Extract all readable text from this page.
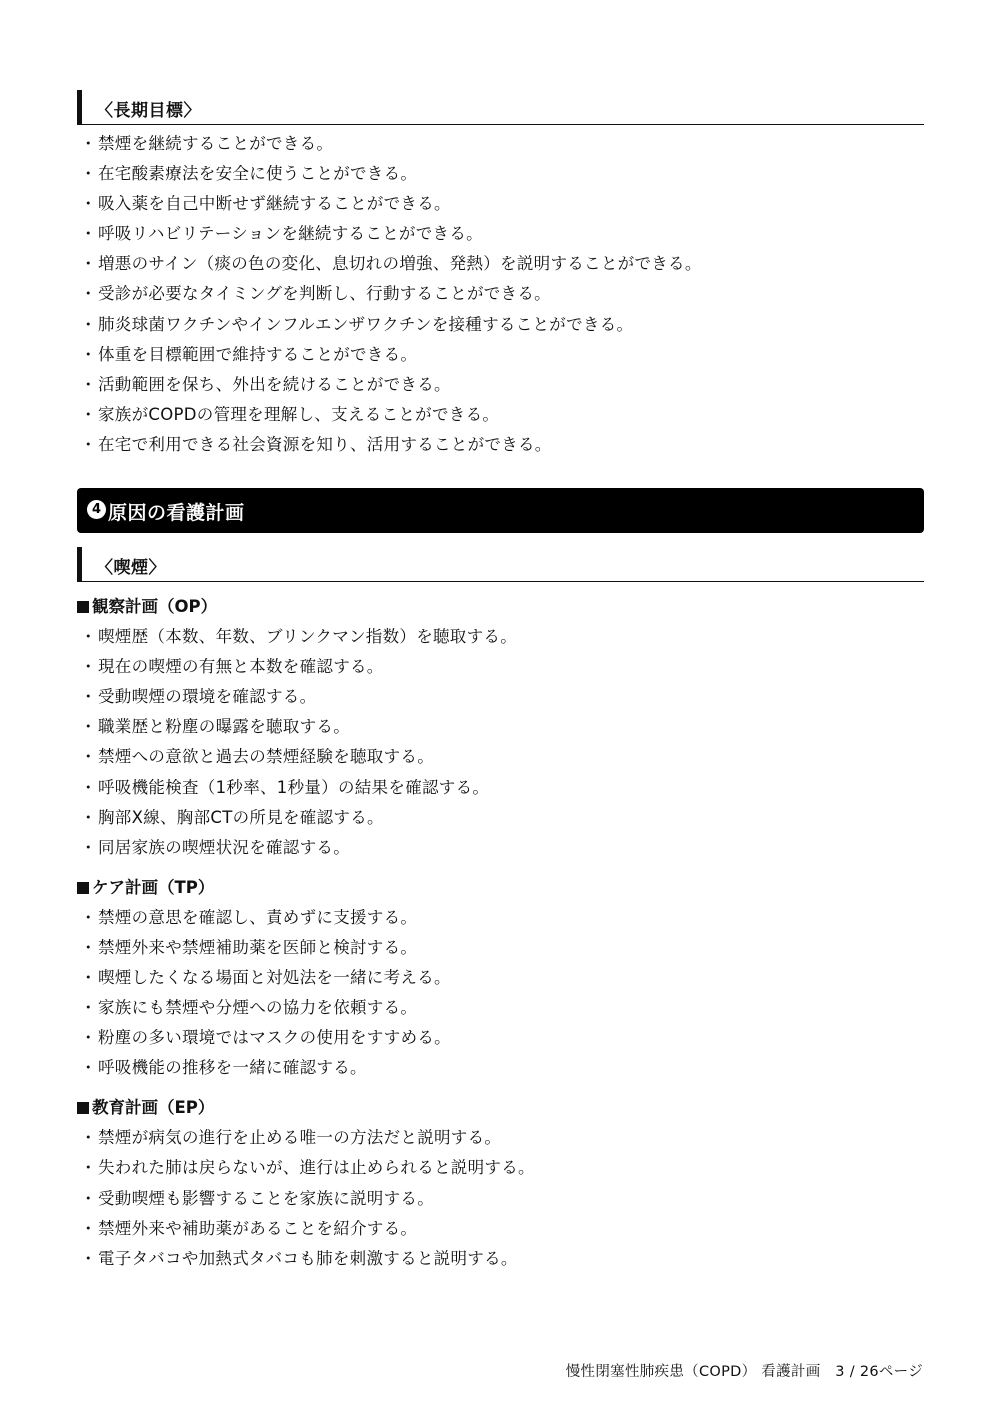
〈長期目標〉
・禁煙を継続することができる。
・在宅酸素療法を安全に使うことができる。
・吸入薬を自己中断せず継続することができる。
・呼吸リハビリテーションを継続することができる。
・増悪のサイン（痰の色の変化、息切れの増強、発熱）を説明することができる。
・受診が必要なタイミングを判断し、行動することができる。
・肺炎球菌ワクチンやインフルエンザワクチンを接種することができる。
・体重を目標範囲で維持することができる。
・活動範囲を保ち、外出を続けることができる。
・家族がCOPDの管理を理解し、支えることができる。
・在宅で利用できる社会資源を知り、活用することができる。
4 原因の看護計画
〈喫煙〉
観察計画（OP）
・喫煙歴（本数、年数、ブリンクマン指数）を聴取する。
・現在の喫煙の有無と本数を確認する。
・受動喫煙の環境を確認する。
・職業歴と粉塵の曝露を聴取する。
・禁煙への意欲と過去の禁煙経験を聴取する。
・呼吸機能検査（1秒率、1秒量）の結果を確認する。
・胸部X線、胸部CTの所見を確認する。
・同居家族の喫煙状況を確認する。
ケア計画（TP）
・禁煙の意思を確認し、責めずに支援する。
・禁煙外来や禁煙補助薬を医師と検討する。
・喫煙したくなる場面と対処法を一緒に考える。
・家族にも禁煙や分煙への協力を依頼する。
・粉塵の多い環境ではマスクの使用をすすめる。
・呼吸機能の推移を一緒に確認する。
教育計画（EP）
・禁煙が病気の進行を止める唯一の方法だと説明する。
・失われた肺は戻らないが、進行は止められると説明する。
・受動喫煙も影響することを家族に説明する。
・禁煙外来や補助薬があることを紹介する。
・電子タバコや加熱式タバコも肺を刺激すると説明する。
慢性閉塞性肺疾患（COPD） 看護計画　3 / 26ページ
